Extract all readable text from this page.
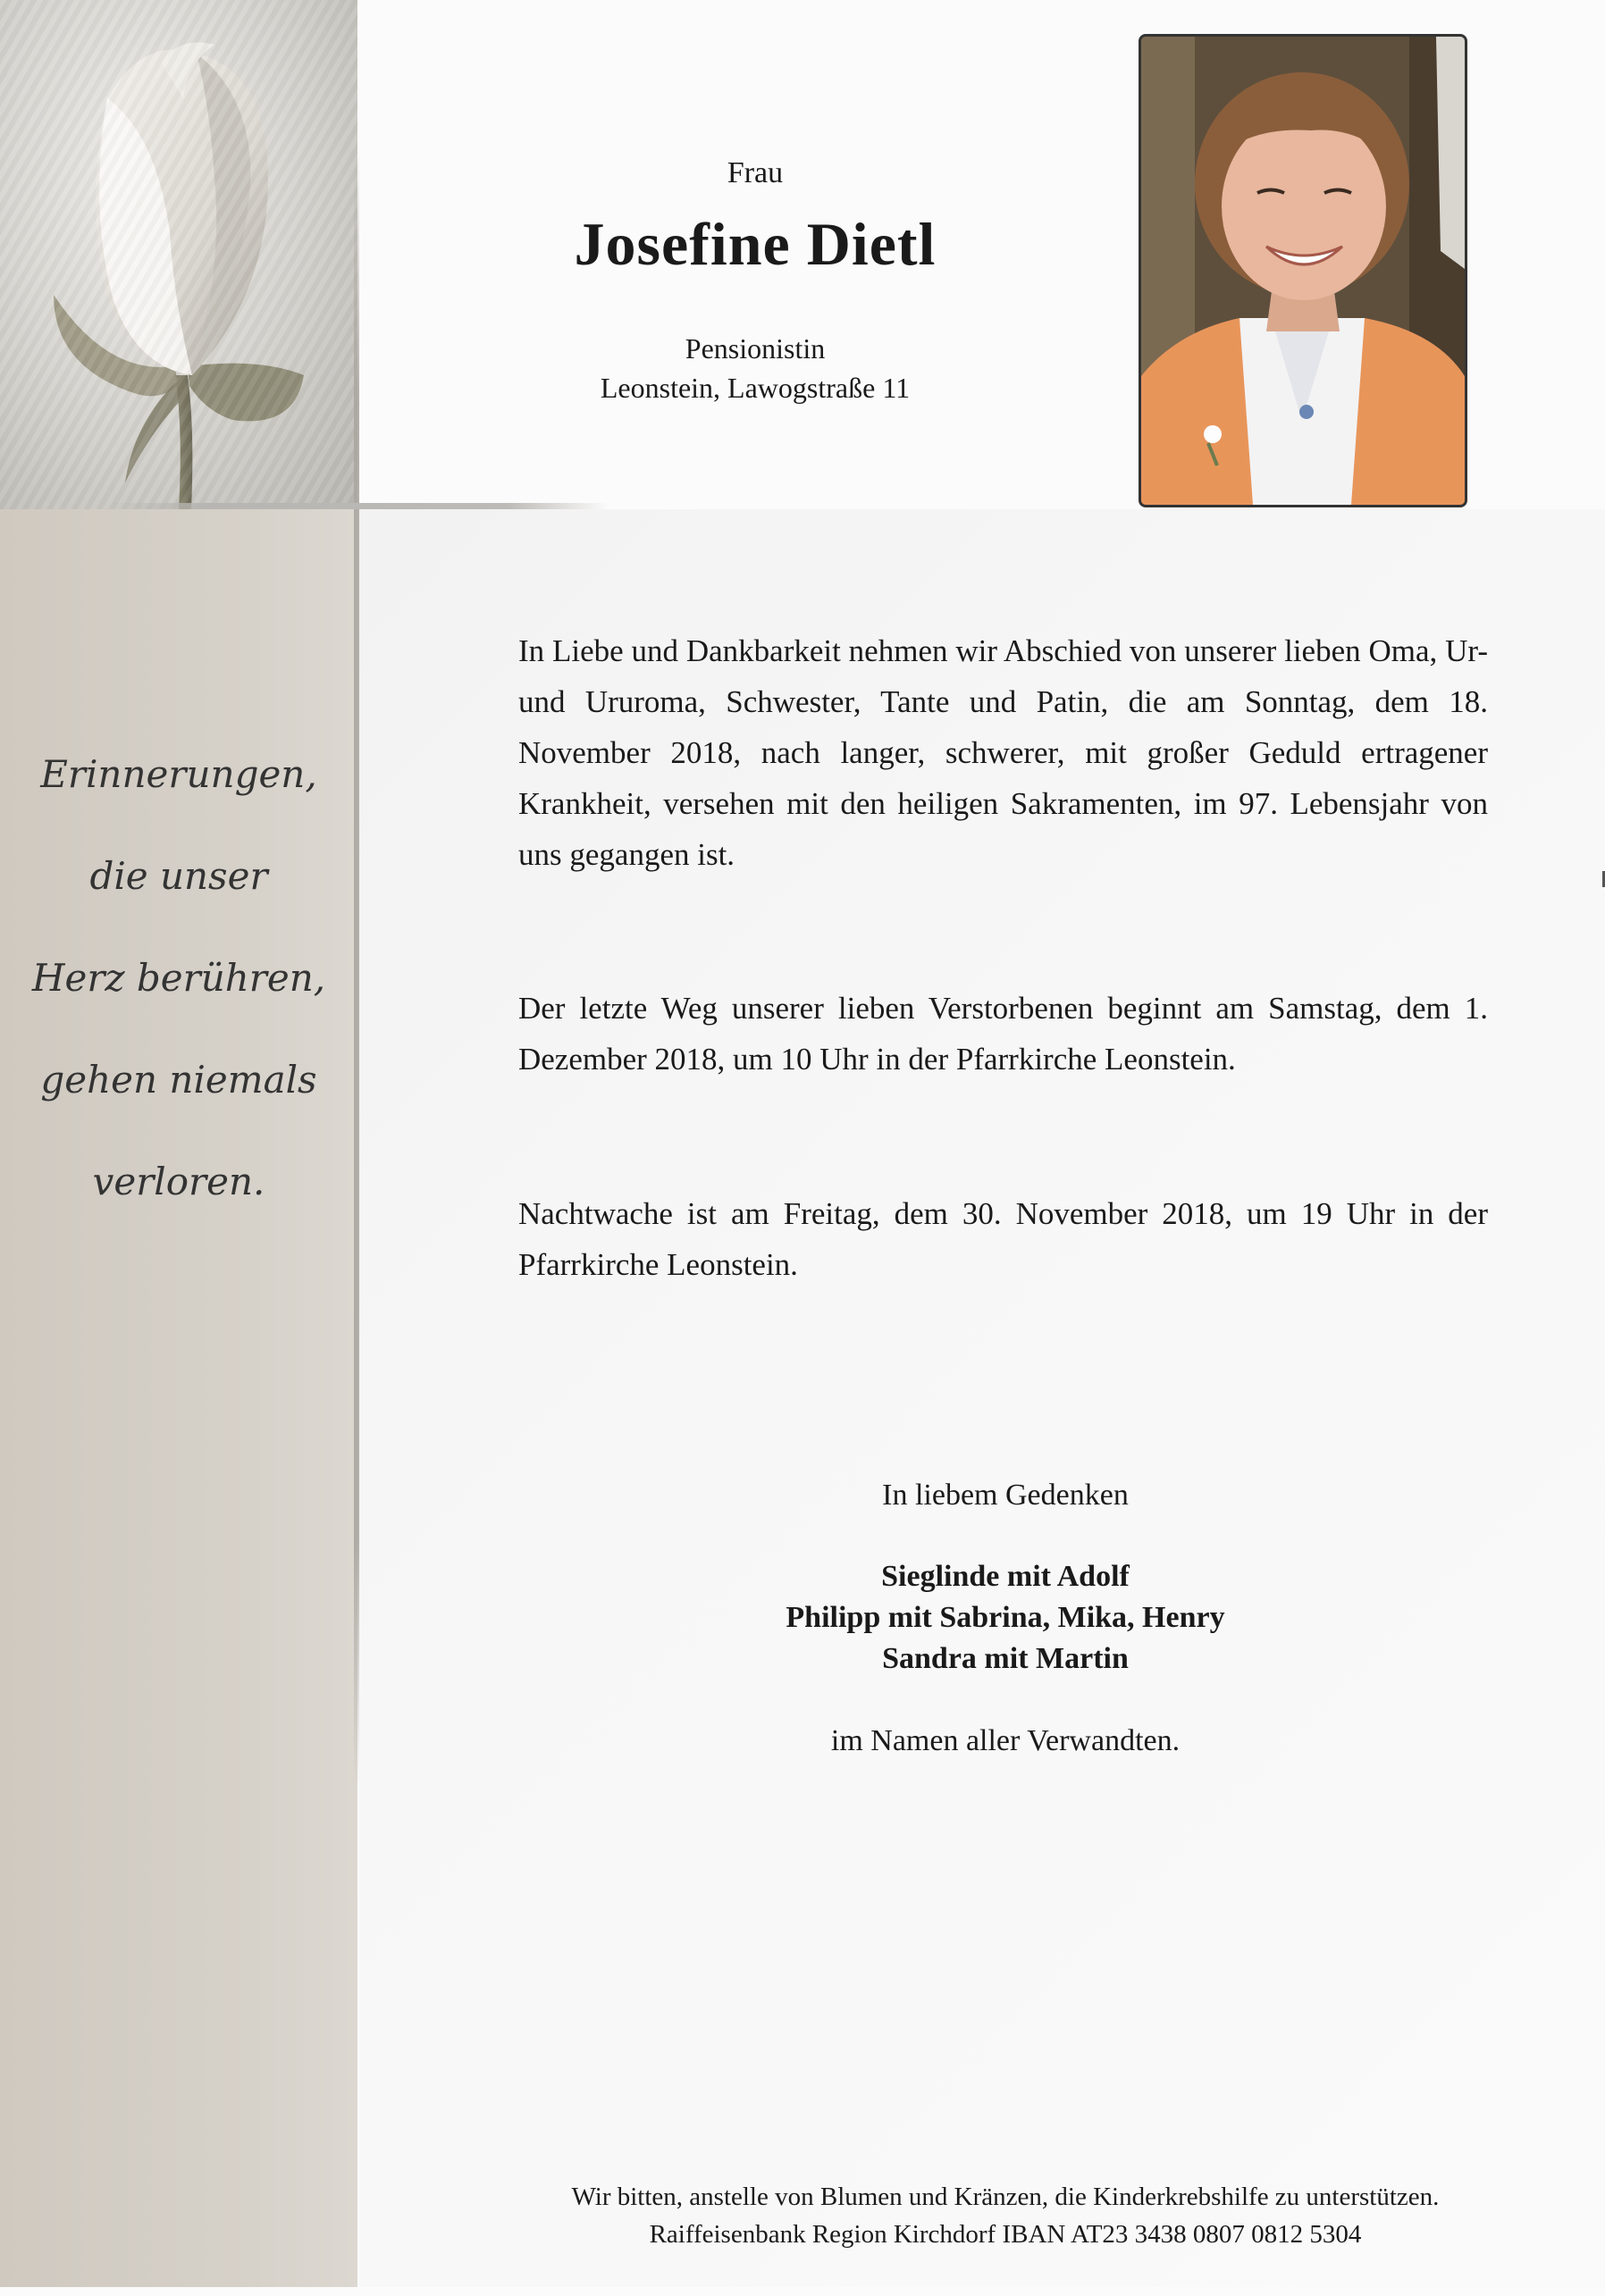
Erinnerungen,
die unser
Herz berühren,
gehen niemals
verloren.
Frau
Josefine Dietl
Pensionistin
Leonstein, Lawogstraße 11
In Liebe und Dankbarkeit nehmen wir Abschied von unserer lieben Oma, Ur- und Ururoma, Schwester, Tante und Patin, die am Sonntag, dem 18. November 2018, nach langer, schwerer, mit großer Geduld ertragener Krankheit, versehen mit den heiligen Sakramenten, im 97. Lebensjahr von uns gegangen ist.
Der letzte Weg unserer lieben Verstorbenen beginnt am Samstag, dem 1. Dezember 2018, um 10 Uhr in der Pfarrkirche Leonstein.
Nachtwache ist am Freitag, dem 30. November 2018, um 19 Uhr in der Pfarrkirche Leonstein.
In liebem Gedenken
Sieglinde mit Adolf
Philipp mit Sabrina, Mika, Henry
Sandra mit Martin
im Namen aller Verwandten.
Wir bitten, anstelle von Blumen und Kränzen, die Kinderkrebshilfe zu unterstützen.
Raiffeisenbank Region Kirchdorf IBAN AT23 3438 0807 0812 5304
